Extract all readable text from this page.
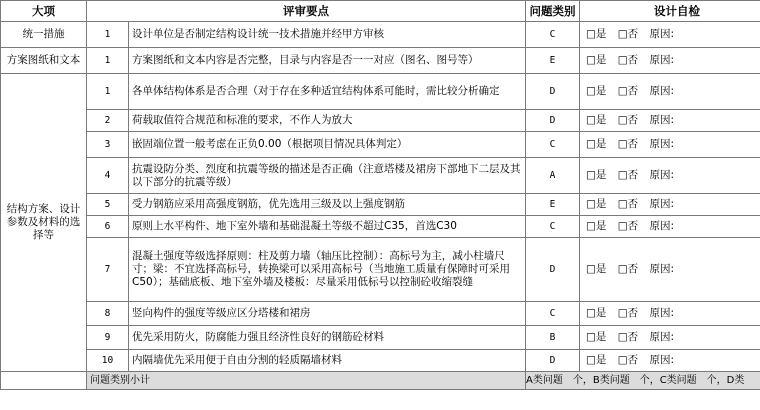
大项	评审要点		问题类别	设计自检
统一措施	1	设计单位是否制定结构设计统一技术措施并经甲方审核	C	□是 □否 原因:
方案图纸和文本	1	方案图纸和文本内容是否完整，目录与内容是否一一对应（图名、图号等）	E	□是 □否 原因:
结构方案、设计参数及材料的选择等	1	各单体结构体系是否合理（对于存在多种适宜结构体系可能时，需比较分析确定	D	□是 □否 原因:
	2	荷载取值符合规范和标准的要求，不作人为放大	D	□是 □否 原因:
	3	嵌固端位置一般考虑在正负0.00（根据项目情况具体判定）	C	□是 □否 原因:
	4	抗震设防分类、烈度和抗震等级的描述是否正确（注意塔楼及裙房下部地下二层及其以下部分的抗震等级）	A	□是 □否 原因:
	5	受力钢筋应采用高强度钢筋，优先选用三级及以上强度钢筋	E	□是 □否 原因:
	6	原则上水平构件、地下室外墙和基础混凝土等级不超过C35，首选C30	C	□是 □否 原因:
	7	混凝土强度等级选择原则：柱及剪力墙（轴压比控制）：高标号为主，减小柱墙尺寸；梁：不宜选择高标号，转换梁可以采用高标号（当地施工质量有保障时可采用C50）；基础底板、地下室外墙及楼板：尽量采用低标号以控制砼收缩裂缝	D	□是 □否 原因:
	8	竖向构件的强度等级应区分塔楼和裙房	C	□是 □否 原因:
	9	优先采用防火，防腐能力强且经济性良好的钢筋砼材料	B	□是 □否 原因:
	10	内隔墙优先采用便于自由分割的轻质隔墙材料	D	□是 □否 原因:
	问题类别小计		A类问题　个，B类问题　个，C类问题　个，D类	
